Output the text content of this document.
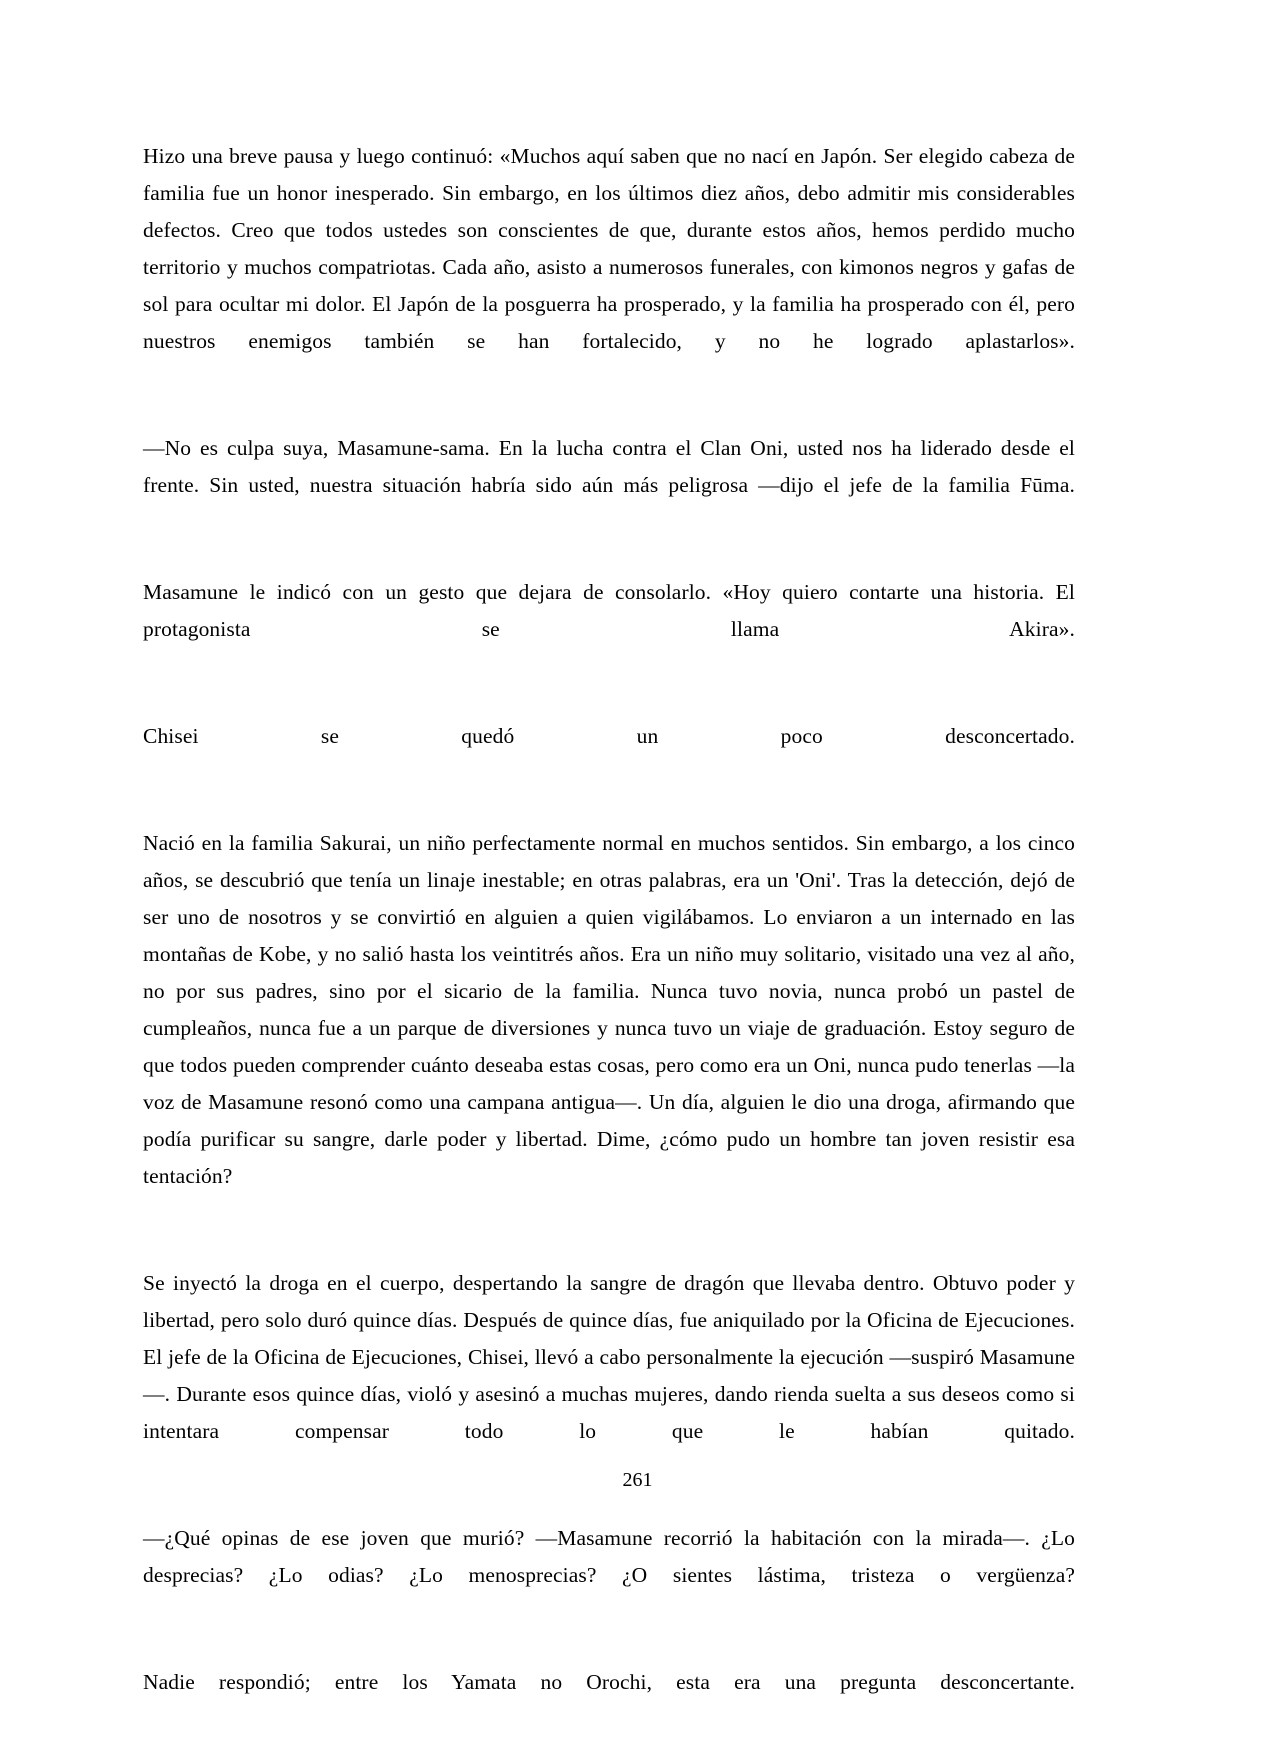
Hizo una breve pausa y luego continuó: «Muchos aquí saben que no nací en Japón. Ser elegido cabeza de familia fue un honor inesperado. Sin embargo, en los últimos diez años, debo admitir mis considerables defectos. Creo que todos ustedes son conscientes de que, durante estos años, hemos perdido mucho territorio y muchos compatriotas. Cada año, asisto a numerosos funerales, con kimonos negros y gafas de sol para ocultar mi dolor. El Japón de la posguerra ha prosperado, y la familia ha prosperado con él, pero nuestros enemigos también se han fortalecido, y no he logrado aplastarlos».

—No es culpa suya, Masamune-sama. En la lucha contra el Clan Oni, usted nos ha liderado desde el frente. Sin usted, nuestra situación habría sido aún más peligrosa —dijo el jefe de la familia Fūma.

Masamune le indicó con un gesto que dejara de consolarlo. «Hoy quiero contarte una historia. El protagonista se llama Akira».

Chisei se quedó un poco desconcertado.

Nació en la familia Sakurai, un niño perfectamente normal en muchos sentidos. Sin embargo, a los cinco años, se descubrió que tenía un linaje inestable; en otras palabras, era un 'Oni'. Tras la detección, dejó de ser uno de nosotros y se convirtió en alguien a quien vigilábamos. Lo enviaron a un internado en las montañas de Kobe, y no salió hasta los veintitrés años. Era un niño muy solitario, visitado una vez al año, no por sus padres, sino por el sicario de la familia. Nunca tuvo novia, nunca probó un pastel de cumpleaños, nunca fue a un parque de diversiones y nunca tuvo un viaje de graduación. Estoy seguro de que todos pueden comprender cuánto deseaba estas cosas, pero como era un Oni, nunca pudo tenerlas —la voz de Masamune resonó como una campana antigua—. Un día, alguien le dio una droga, afirmando que podía purificar su sangre, darle poder y libertad. Dime, ¿cómo pudo un hombre tan joven resistir esa tentación?

Se inyectó la droga en el cuerpo, despertando la sangre de dragón que llevaba dentro. Obtuvo poder y libertad, pero solo duró quince días. Después de quince días, fue aniquilado por la Oficina de Ejecuciones. El jefe de la Oficina de Ejecuciones, Chisei, llevó a cabo personalmente la ejecución —suspiró Masamune—. Durante esos quince días, violó y asesinó a muchas mujeres, dando rienda suelta a sus deseos como si intentara compensar todo lo que le habían quitado.

—¿Qué opinas de ese joven que murió? —Masamune recorrió la habitación con la mirada—. ¿Lo desprecias? ¿Lo odias? ¿Lo menosprecias? ¿O sientes lástima, tristeza o vergüenza?

Nadie respondió; entre los Yamata no Orochi, esta era una pregunta desconcertante.

261
